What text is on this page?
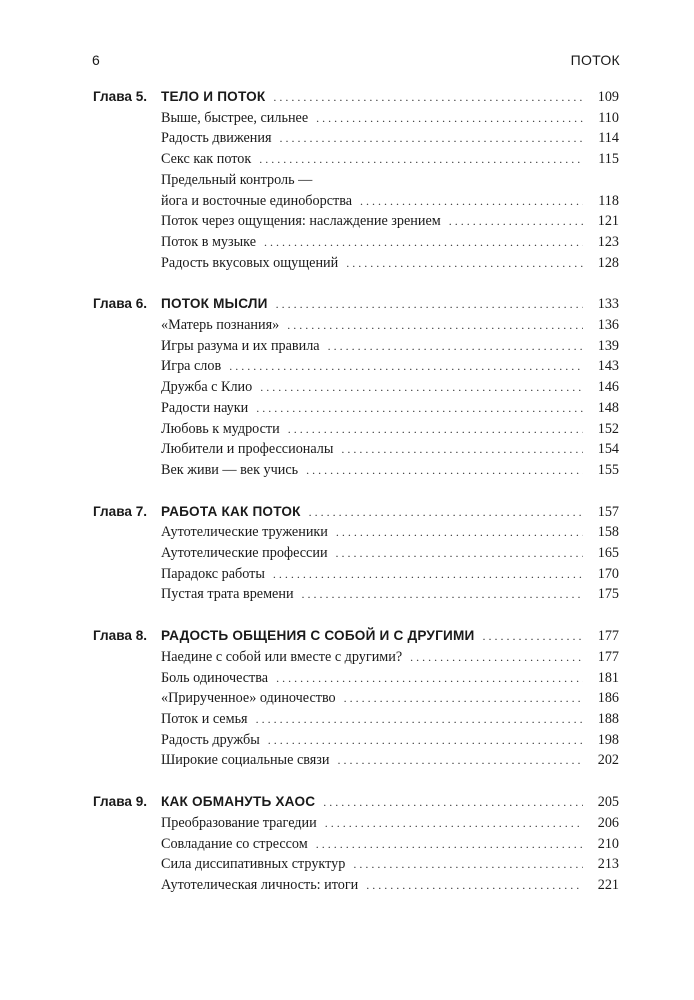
6	ПОТОК
Глава 5.	ТЕЛО И ПОТОК . . .	109
Выше, быстрее, сильнее . . .	110
Радость движения . . .	114
Секс как поток . . .	115
Предельный контроль —
йога и восточные единоборства . . .	118
Поток через ощущения: наслаждение зрением . . .	121
Поток в музыке . . .	123
Радость вкусовых ощущений . . .	128
Глава 6.	ПОТОК МЫСЛИ . . .	133
«Матерь познания» . . .	136
Игры разума и их правила . . .	139
Игра слов . . .	143
Дружба с Клио . . .	146
Радости науки . . .	148
Любовь к мудрости . . .	152
Любители и профессионалы . . .	154
Век живи — век учись . . .	155
Глава 7.	РАБОТА КАК ПОТОК . . .	157
Аутотелические труженики . . .	158
Аутотелические профессии . . .	165
Парадокс работы . . .	170
Пустая трата времени . . .	175
Глава 8.	РАДОСТЬ ОБЩЕНИЯ С СОБОЙ И С ДРУГИМИ . . .	177
Наедине с собой или вместе с другими? . . .	177
Боль одиночества . . .	181
«Прирученное» одиночество . . .	186
Поток и семья . . .	188
Радость дружбы . . .	198
Широкие социальные связи . . .	202
Глава 9.	КАК ОБМАНУТЬ ХАОС . . .	205
Преобразование трагедии . . .	206
Совладание со стрессом . . .	210
Сила диссипативных структур . . .	213
Аутотелическая личность: итоги . . .	221
